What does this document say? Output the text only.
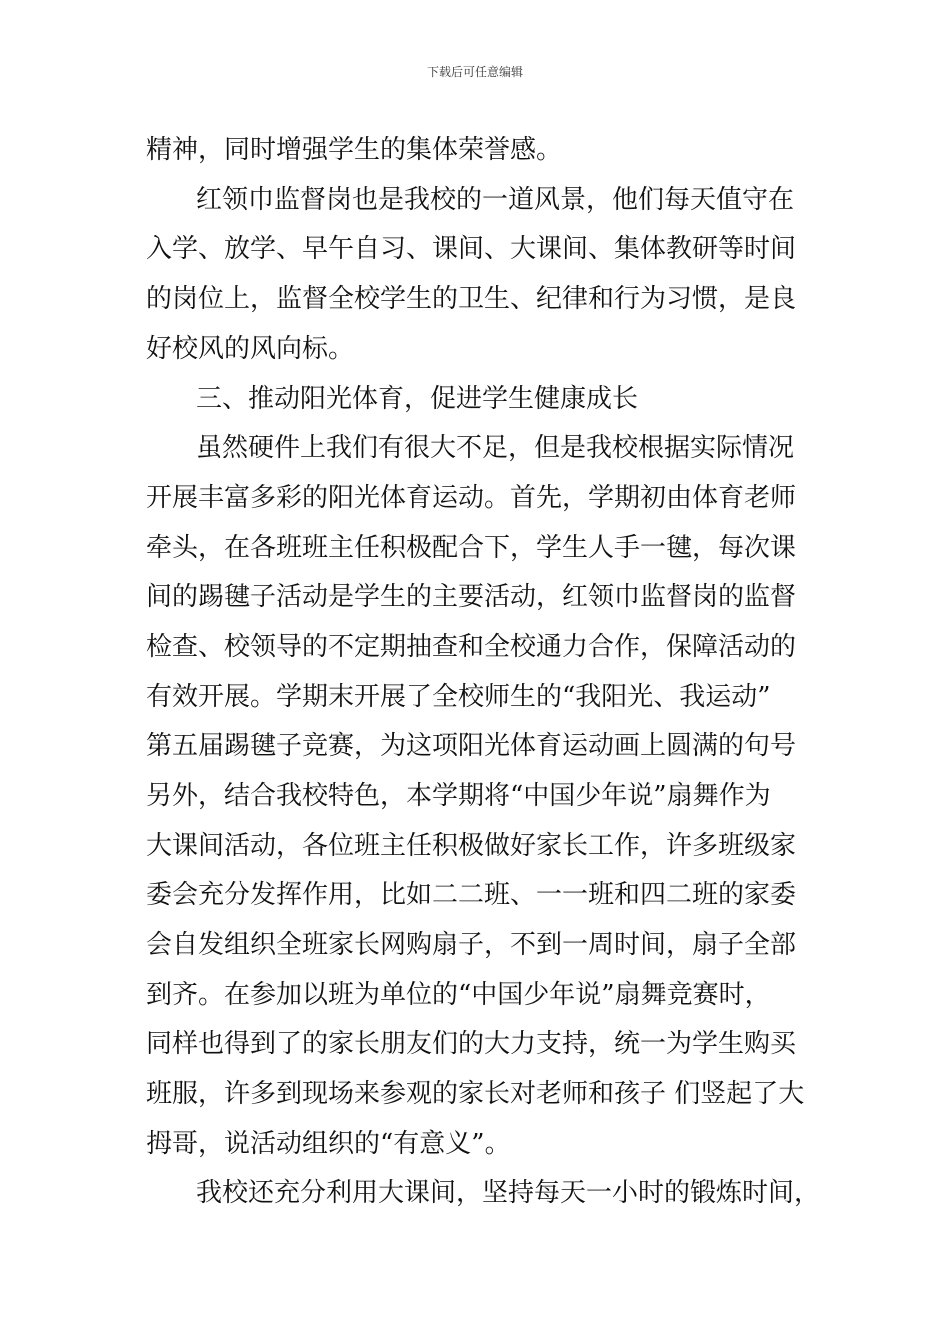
下载后可任意编辑
精神，同时增强学生的集体荣誉感。
红领巾监督岗也是我校的一道风景，他们每天值守在
入学、放学、早午自习、课间、大课间、集体教研等时间
的岗位上，监督全校学生的卫生、纪律和行为习惯，是良
好校风的风向标。
三、推动阳光体育，促进学生健康成长
虽然硬件上我们有很大不足，但是我校根据实际情况
开展丰富多彩的阳光体育运动。首先，学期初由体育老师
牵头，在各班班主任积极配合下，学生人手一毽，每次课
间的踢毽子活动是学生的主要活动，红领巾监督岗的监督
检查、校领导的不定期抽查和全校通力合作，保障活动的
有效开展。学期末开展了全校师生的“我阳光、我运动”
第五届踢毽子竞赛，为这项阳光体育运动画上圆满的句号
另外，结合我校特色，本学期将“中国少年说”扇舞作为
大课间活动，各位班主任积极做好家长工作，许多班级家
委会充分发挥作用，比如二二班、一一班和四二班的家委
会自发组织全班家长网购扇子，不到一周时间，扇子全部
到齐。在参加以班为单位的“中国少年说”扇舞竞赛时，
同样也得到了的家长朋友们的大力支持，统一为学生购买
班服，许多到现场来参观的家长对老师和孩子 们竖起了大
拇哥，说活动组织的“有意义”。
我校还充分利用大课间，坚持每天一小时的锻炼时间，
